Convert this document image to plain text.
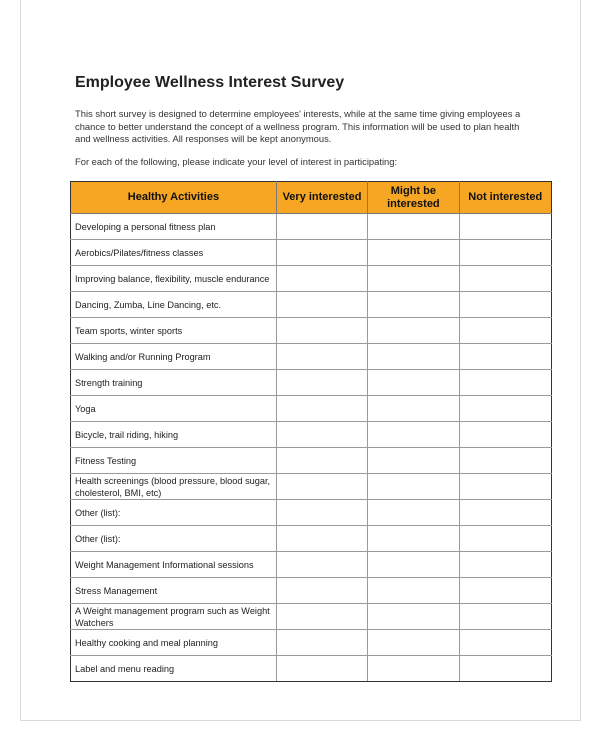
Employee Wellness Interest Survey
This short survey is designed to determine employees' interests, while at the same time giving employees a chance to better understand the concept of a wellness program. This information will be used to plan health and wellness activities. All responses will be kept anonymous.
For each of the following, please indicate your level of interest in participating:
Healthy Activities	Very interested	Might be interested	Not interested
Developing a personal fitness plan			
Aerobics/Pilates/fitness classes			
Improving balance, flexibility, muscle endurance			
Dancing, Zumba, Line Dancing, etc.			
Team sports, winter sports			
Walking and/or Running Program			
Strength training			
Yoga			
Bicycle, trail riding, hiking			
Fitness Testing			
Health screenings (blood pressure, blood sugar, cholesterol, BMI, etc)			
Other (list):			
Other (list):			
Weight Management Informational sessions			
Stress Management			
A Weight management program such as Weight Watchers			
Healthy cooking and meal planning			
Label and menu reading			
